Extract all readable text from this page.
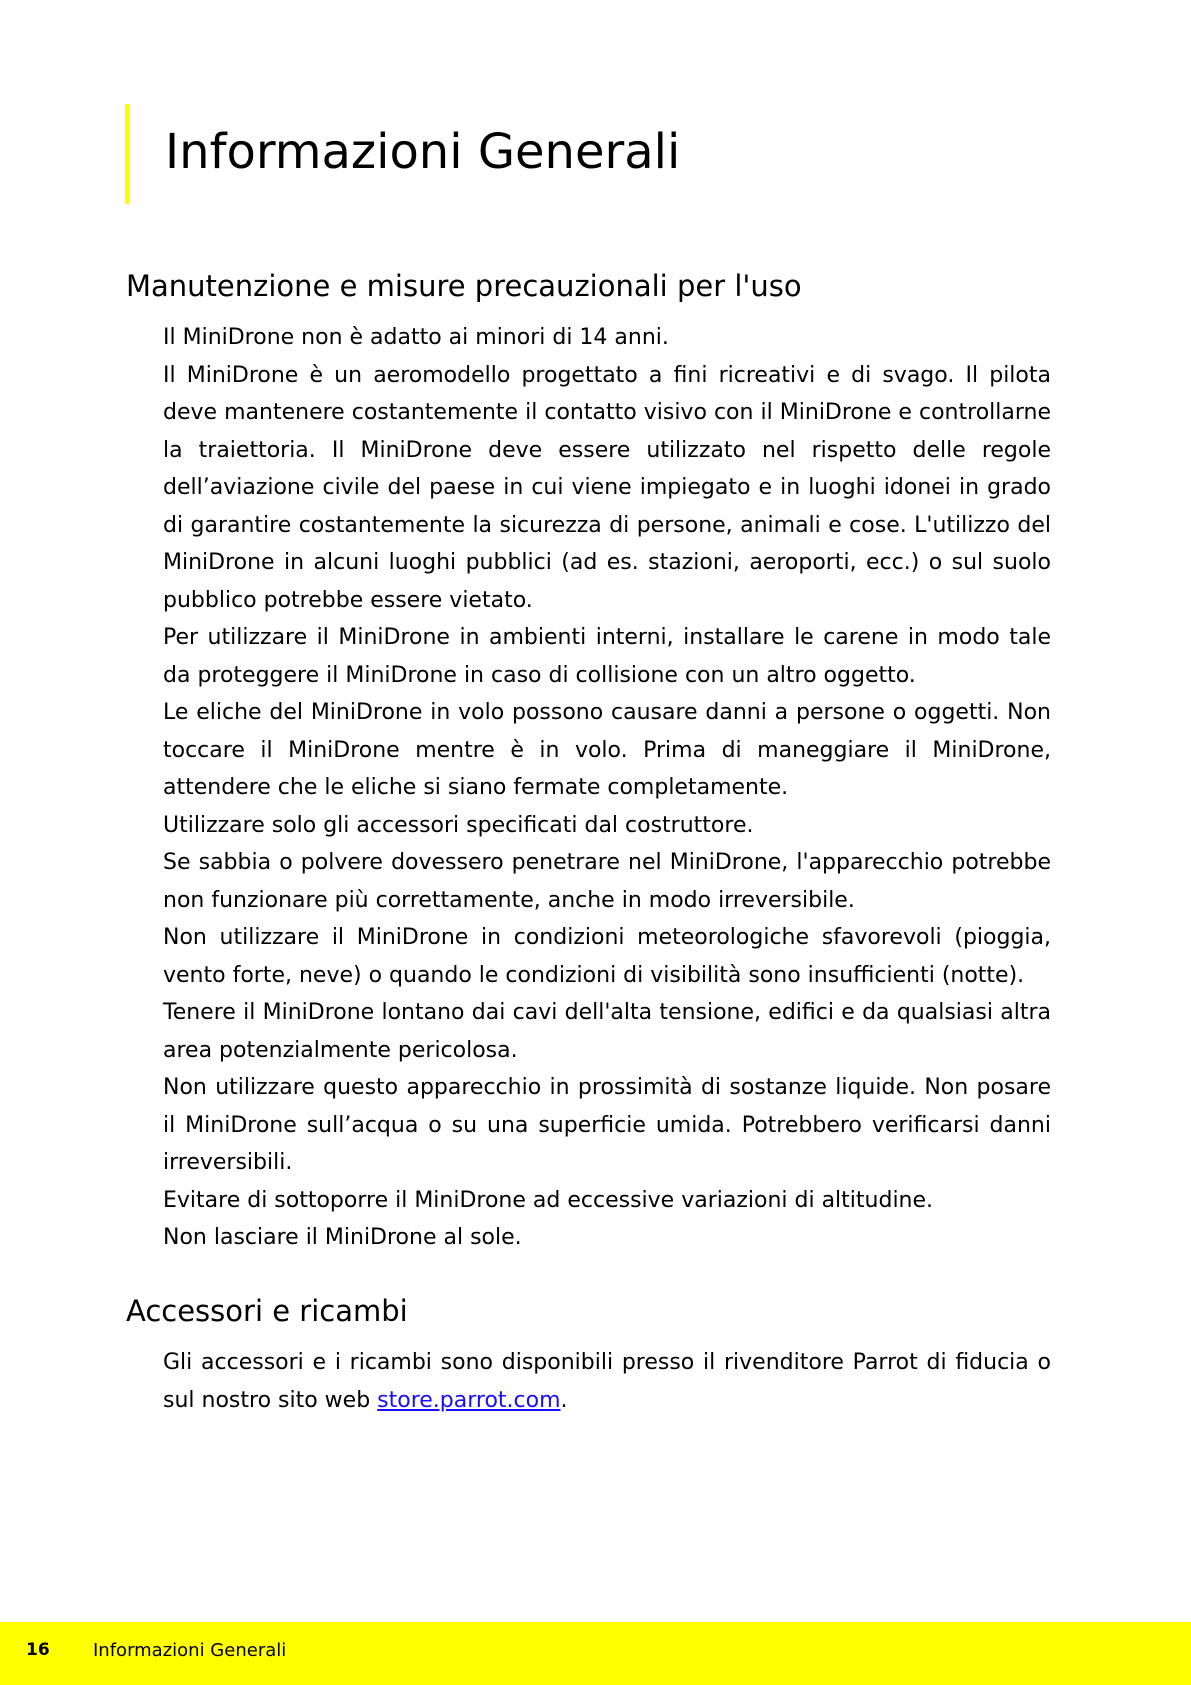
Informazioni Generali
Manutenzione e misure precauzionali per l'uso

Il MiniDrone non è adatto ai minori di 14 anni.

Il MiniDrone è un aeromodello progettato a fini ricreativi e di svago. Il pilota deve mantenere costantemente il contatto visivo con il MiniDrone e controllarne la traiettoria. Il MiniDrone deve essere utilizzato nel rispetto delle regole dell’aviazione civile del paese in cui viene impiegato e in luoghi idonei in grado di garantire costantemente la sicurezza di persone, animali e cose. L'utilizzo del MiniDrone in alcuni luoghi pubblici (ad es. stazioni, aeroporti, ecc.) o sul suolo pubblico potrebbe essere vietato.

Per utilizzare il MiniDrone in ambienti interni, installare le carene in modo tale da proteggere il MiniDrone in caso di collisione con un altro oggetto.

Le eliche del MiniDrone in volo possono causare danni a persone o oggetti. Non toccare il MiniDrone mentre è in volo. Prima di maneggiare il MiniDrone, attendere che le eliche si siano fermate completamente.

Utilizzare solo gli accessori specificati dal costruttore.

Se sabbia o polvere dovessero penetrare nel MiniDrone, l'apparecchio potrebbe non funzionare più correttamente, anche in modo irreversibile.

Non utilizzare il MiniDrone in condizioni meteorologiche sfavorevoli (pioggia, vento forte, neve) o quando le condizioni di visibilità sono insufficienti (notte).

Tenere il MiniDrone lontano dai cavi dell'alta tensione, edifici e da qualsiasi altra area potenzialmente pericolosa.

Non utilizzare questo apparecchio in prossimità di sostanze liquide. Non posare il MiniDrone sull’acqua o su una superficie umida. Potrebbero verificarsi danni irreversibili.

Evitare di sottoporre il MiniDrone ad eccessive variazioni di altitudine.

Non lasciare il MiniDrone al sole.

Accessori e ricambi

Gli accessori e i ricambi sono disponibili presso il rivenditore Parrot di fiducia o sul nostro sito web store.parrot.com.

16 Informazioni Generali
